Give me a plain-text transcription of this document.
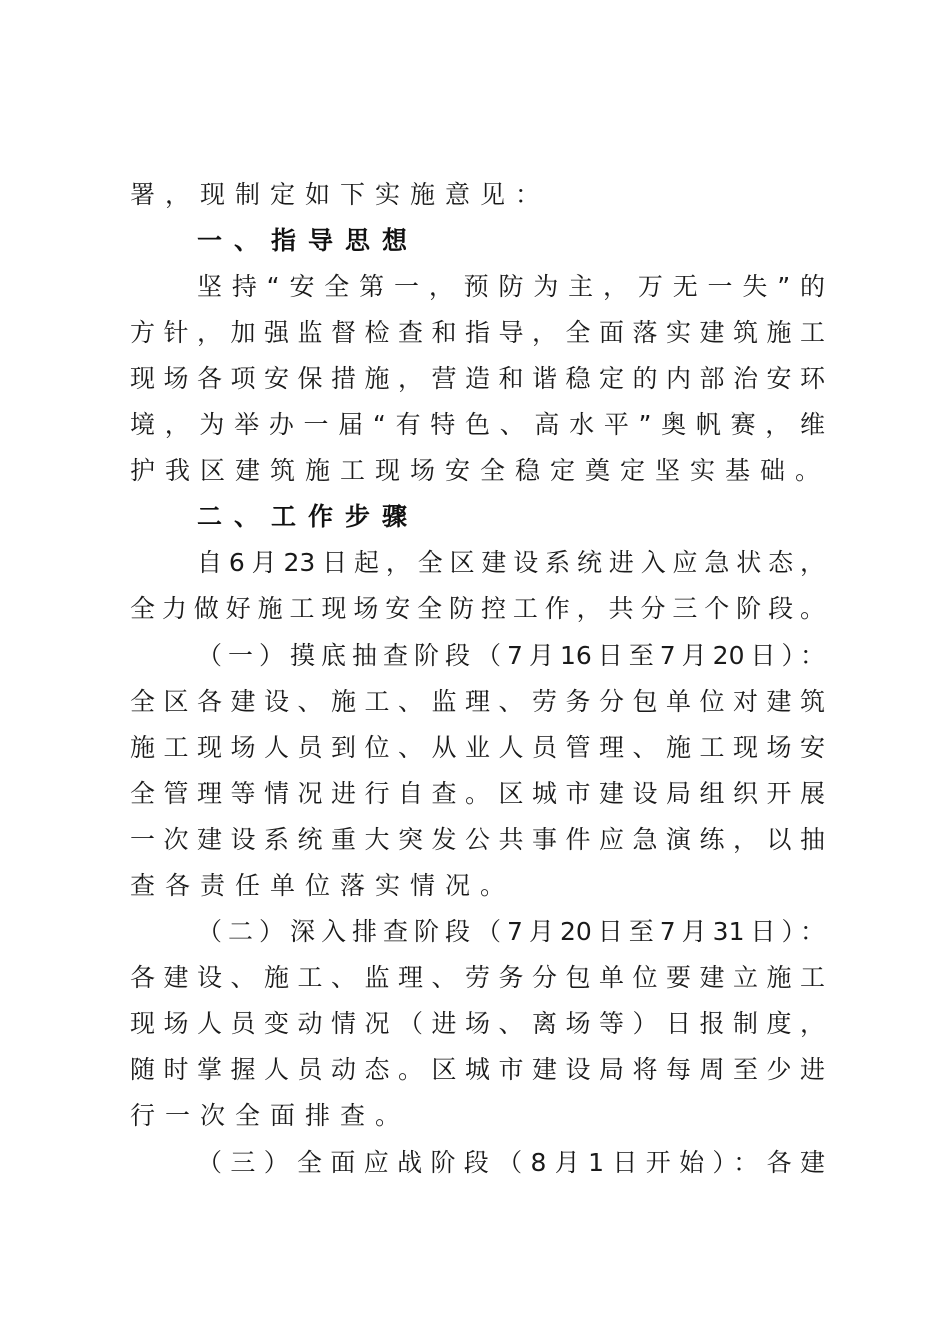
署，现制定如下实施意见：
一、指导思想
坚持“安全第一，预防为主，万无一失”的
方针，加强监督检查和指导，全面落实建筑施工
现场各项安保措施，营造和谐稳定的内部治安环
境，为举办一届“有特色、高水平”奥帆赛，维
护我区建筑施工现场安全稳定奠定坚实基础。
二、工作步骤
自6月23日起，全区建设系统进入应急状态，
全力做好施工现场安全防控工作，共分三个阶段。
（一）摸底抽查阶段（7月16日至7月20日）：
全区各建设、施工、监理、劳务分包单位对建筑
施工现场人员到位、从业人员管理、施工现场安
全管理等情况进行自查。区城市建设局组织开展
一次建设系统重大突发公共事件应急演练，以抽
查各责任单位落实情况。
（二）深入排查阶段（7月20日至7月31日）：
各建设、施工、监理、劳务分包单位要建立施工
现场人员变动情况（进场、离场等）日报制度，
随时掌握人员动态。区城市建设局将每周至少进
行一次全面排查。
（三）全面应战阶段（8月1日开始）：各建
